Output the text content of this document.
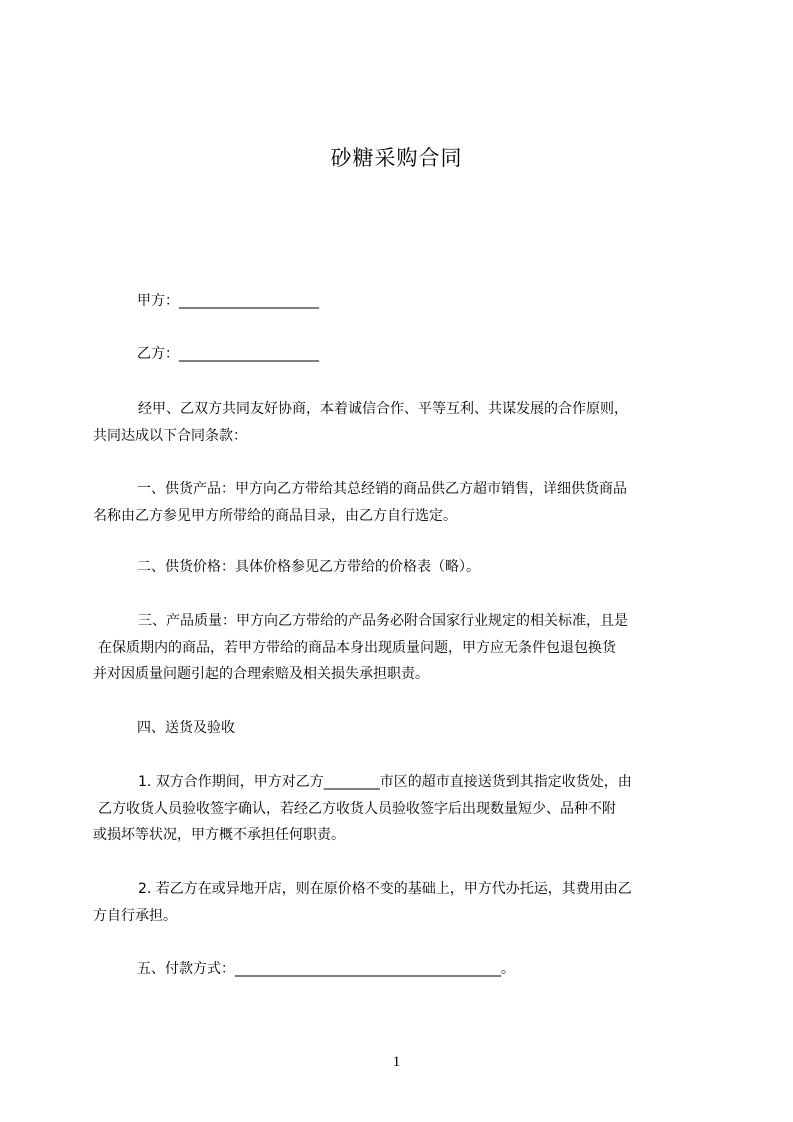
砂糖采购合同
甲方：____________________
乙方：____________________
经甲、乙双方共同友好协商，本着诚信合作、平等互利、共谋发展的合作原则，
共同达成以下合同条款：
一、供货产品：甲方向乙方带给其总经销的商品供乙方超市销售，详细供货商品
名称由乙方参见甲方所带给的商品目录，由乙方自行选定。
二、供货价格：具体价格参见乙方带给的价格表（略）。
三、产品质量：甲方向乙方带给的产品务必附合国家行业规定的相关标准，且是
在保质期内的商品，若甲方带给的商品本身出现质量问题，甲方应无条件包退包换货
并对因质量问题引起的合理索赔及相关损失承担职责。
四、送货及验收
1. 双方合作期间，甲方对乙方________市区的超市直接送货到其指定收货处，由
乙方收货人员验收签字确认，若经乙方收货人员验收签字后出现数量短少、品种不附
或损坏等状况，甲方概不承担任何职责。
2. 若乙方在或异地开店，则在原价格不变的基础上，甲方代办托运，其费用由乙
方自行承担。
五、付款方式：______________________________________。
1
